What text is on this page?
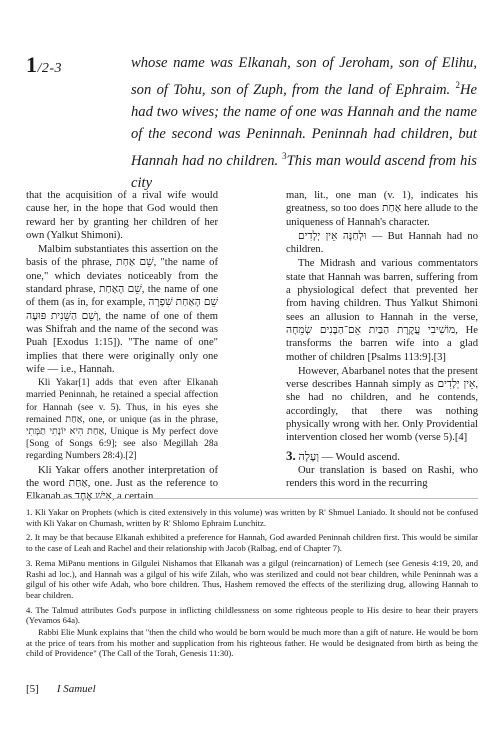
1/2-3	whose name was Elkanah, son of Jeroham, son of Elihu, son of Tohu, son of Zuph, from the land of Ephraim. $^2$He had two wives; the name of one was Hannah and the name of the second was Peninnah. Peninnah had children, but Hannah had no children. $^3$This man would ascend from his city

that the acquisition of a rival wife would cause her, in the hope that God would then reward her by granting her children of her own (Yalkut Shimoni).

Malbim substantiates this assertion on the basis of the phrase, שֵׁם אַחַת, "the name of one," which deviates noticeably from the standard phrase, שֵׁם הָאַחַת, the name of one of them (as in, for example, שֵׁם הָאַחַת שִׁפְרָה וְשֵׁם הַשֵּׁנִית פּוּעָה, the name of one of them was Shifrah and the name of the second was Puah [Exodus 1:15]). "The name of one" implies that there were originally only one wife — i.e., Hannah.

Kli Yakar[1] adds that even after Elkanah married Peninnah, he retained a special affection for Hannah (see v. 5). Thus, in his eyes she remained אַחַת, one, or unique (as in the phrase, אַחַת הִיא יוֹנָתִי תַמָּתִי, Unique is My perfect dove [Song of Songs 6:9]; see also Megillah 28a regarding Numbers 28:4).[2]

Kli Yakar offers another interpretation of the word אַחַת, one. Just as the reference to Elkanah as אִישׁ אֶחָד, a certain

man, lit., one man (v. 1), indicates his greatness, so too does אַחַת here allude to the uniqueness of Hannah's character.

וּלְחַנָּה אֵין יְלָדִים — But Hannah had no children.

The Midrash and various commentators state that Hannah was barren, suffering from a physiological defect that prevented her from having children. Thus Yalkut Shimoni sees an allusion to Hannah in the verse, מוֹשִׁיבִי עֲקֶרֶת הַבַּיִת אֵם־הַבָּנִים שְׂמֵחָה, He transforms the barren wife into a glad mother of children [Psalms 113:9].[3]

However, Abarbanel notes that the present verse describes Hannah simply as אֵין יְלָדִים, she had no children, and he contends, accordingly, that there was nothing physically wrong with her. Only Providential intervention closed her womb (verse 5).[4]

3. וְעָלָה — Would ascend.

Our translation is based on Rashi, who renders this word in the recurring

1. Kli Yakar on Prophets (which is cited extensively in this volume) was written by R' Shmuel Laniado. It should not be confused with Kli Yakar on Chumash, written by R' Shlomo Ephraim Lunchitz.

2. It may be that because Elkanah exhibited a preference for Hannah, God awarded Peninnah children first. This would be similar to the case of Leah and Rachel and their relationship with Jacob (Ralbag, end of Chapter 7).

3. Rema MiPanu mentions in Gilgulei Nishamos that Elkanah was a gilgul (reincarnation) of Lemech (see Genesis 4:19, 20, and Rashi ad loc.), and Hannah was a gilgul of his wife Zilah, who was sterilized and could not bear children, while Peninnah was a gilgul of his other wife Adah, who bore children. Thus, Hashem removed the effects of the sterilizing drug, allowing Hannah to bear children.

4. The Talmud attributes God's purpose in inflicting childlessness on some righteous people to His desire to hear their prayers (Yevamos 64a).

Rabbi Elie Munk explains that "then the child who would be born would be much more than a gift of nature. He would be born at the price of tears from his mother and supplication from his righteous father. He would be designated from birth as being the child of Providence" (The Call of the Torah, Genesis 11:30).

[5] I Samuel
